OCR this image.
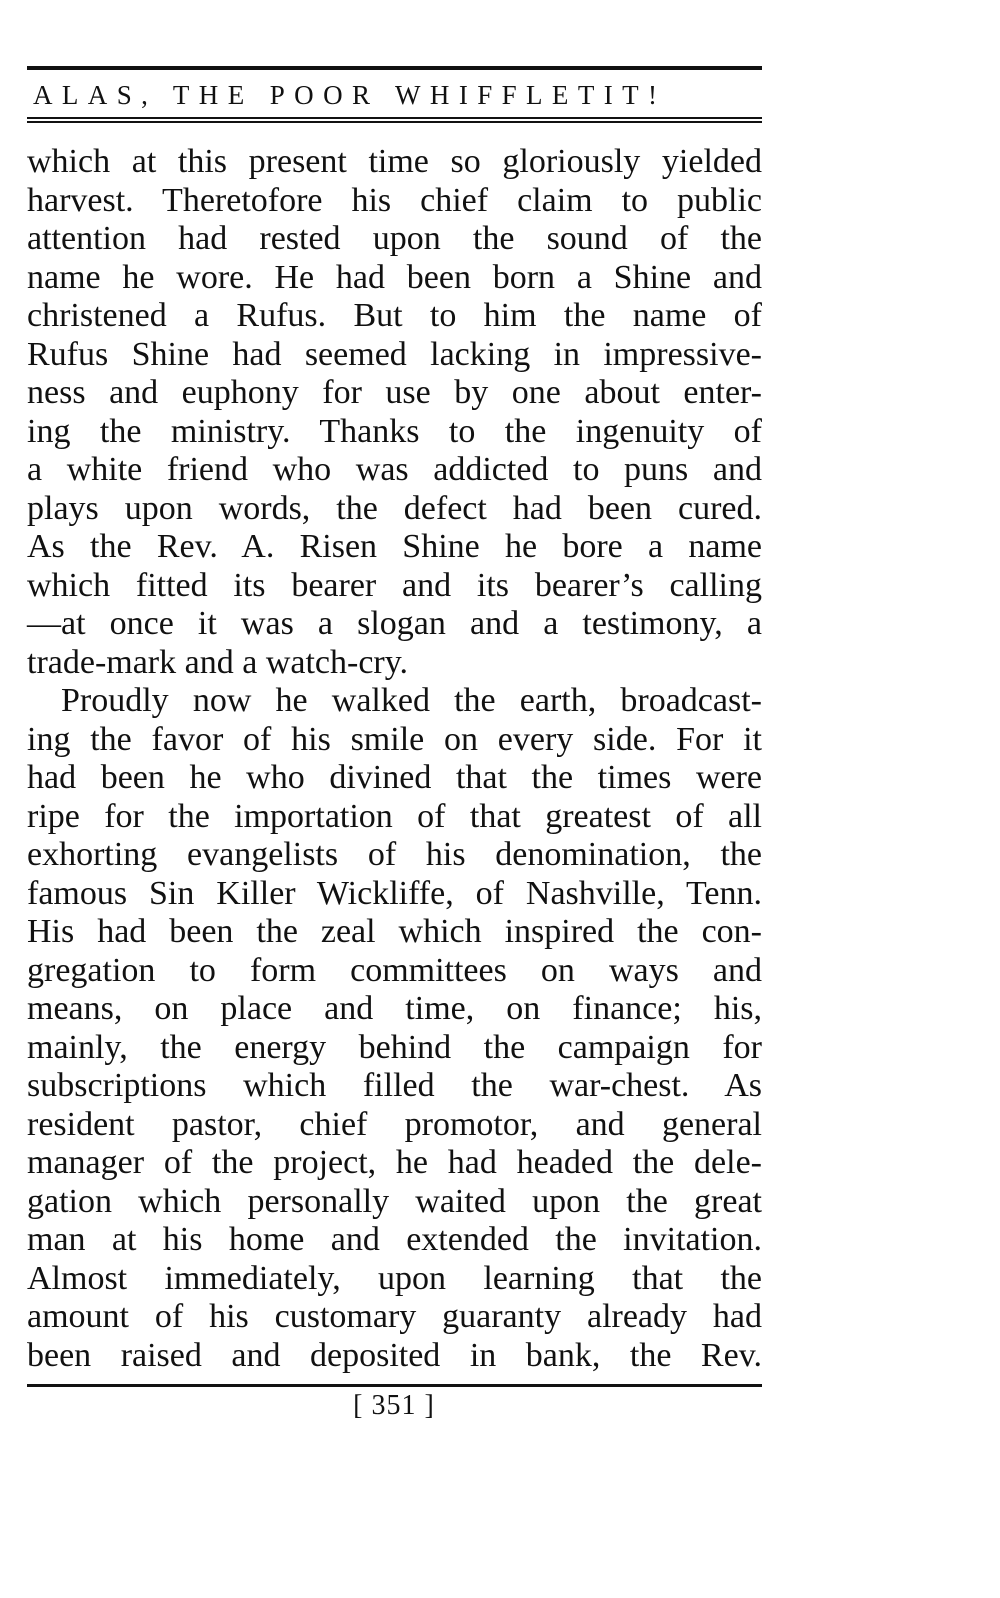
ALAS, THE POOR WHIFFLETIT!
which at this present time so gloriously yielded
harvest. Theretofore his chief claim to public
attention had rested upon the sound of the
name he wore. He had been born a Shine and
christened a Rufus. But to him the name of
Rufus Shine had seemed lacking in impressive-
ness and euphony for use by one about enter-
ing the ministry. Thanks to the ingenuity of
a white friend who was addicted to puns and
plays upon words, the defect had been cured.
As the Rev. A. Risen Shine he bore a name
which fitted its bearer and its bearer’s calling
—at once it was a slogan and a testimony, a
trade-mark and a watch-cry.
Proudly now he walked the earth, broadcast-
ing the favor of his smile on every side. For it
had been he who divined that the times were
ripe for the importation of that greatest of all
exhorting evangelists of his denomination, the
famous Sin Killer Wickliffe, of Nashville, Tenn.
His had been the zeal which inspired the con-
gregation to form committees on ways and
means, on place and time, on finance; his,
mainly, the energy behind the campaign for
subscriptions which filled the war-chest. As
resident pastor, chief promotor, and general
manager of the project, he had headed the dele-
gation which personally waited upon the great
man at his home and extended the invitation.
Almost immediately, upon learning that the
amount of his customary guaranty already had
been raised and deposited in bank, the Rev.
[ 351 ]
